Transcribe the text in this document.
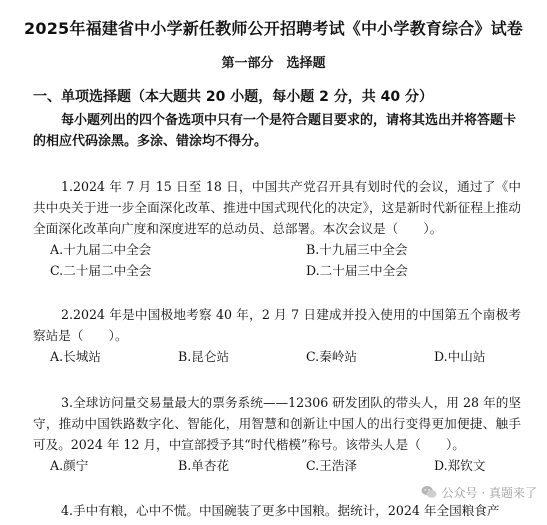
2025年福建省中小学新任教师公开招聘考试《中小学教育综合》试卷
第一部分　选择题
一、单项选择题（本大题共 20 小题，每小题 2 分，共 40 分）
每小题列出的四个备选项中只有一个是符合题目要求的，请将其选出并将答题卡的相应代码涂黑。多涂、错涂均不得分。
1.2024 年 7 月 15 日至 18 日，中国共产党召开具有划时代的会议，通过了《中共中央关于进一步全面深化改革、推进中国式现代化的决定》，这是新时代新征程上推动全面深化改革向广度和深度进军的总动员、总部署。本次会议是（　　）。
A.十九届二中全会	B.十九届三中全会
C.二十届二中全会	D.二十届三中全会
2.2024 年是中国极地考察 40 年，2 月 7 日建成并投入使用的中国第五个南极考察站是（　　）。
A.长城站	B.昆仑站	C.秦岭站	D.中山站
3.全球访问量交易量最大的票务系统——12306 研发团队的带头人，用 28 年的坚守，推动中国铁路数字化、智能化，用智慧和创新让中国人的出行变得更加便捷、触手可及。2024 年 12 月，中宣部授予其“时代楷模”称号。该带头人是（　　）。
A.颜宁	B.单杏花	C.王浩泽	D.郑钦文
4.手中有粮，心中不慌。中国碗装了更多中国粮。据统计，2024 年全国粮食产
公众号 · 真题来了
